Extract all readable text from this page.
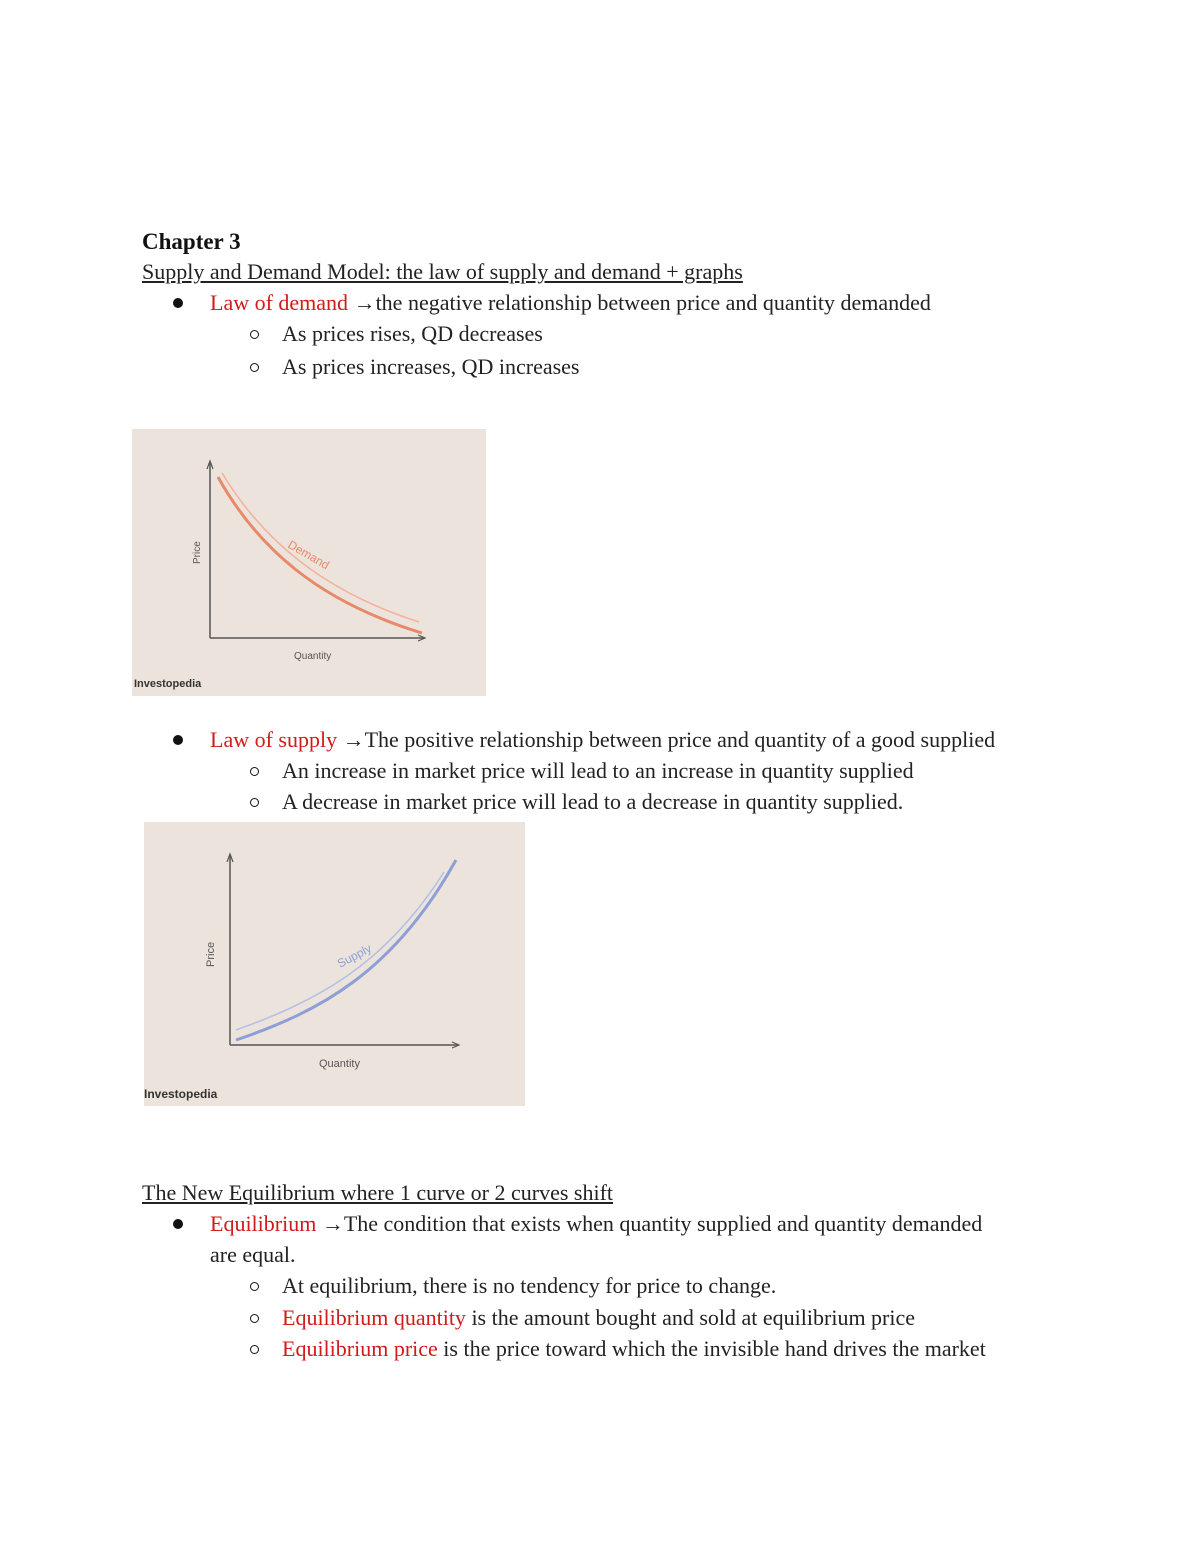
Chapter 3
Supply and Demand Model: the law of supply and demand + graphs
Law of demand →the negative relationship between price and quantity demanded
As prices rises, QD decreases
As prices increases, QD increases
Demand
Price
Quantity
Investopedia
Law of supply →The positive relationship between price and quantity of a good supplied
An increase in market price will lead to an increase in quantity supplied
A decrease in market price will lead to a decrease in quantity supplied.
Supply
Price
Quantity
Investopedia
The New Equilibrium where 1 curve or 2 curves shift
Equilibrium →The condition that exists when quantity supplied and quantity demanded
are equal.
At equilibrium, there is no tendency for price to change.
Equilibrium quantity is the amount bought and sold at equilibrium price
Equilibrium price is the price toward which the invisible hand drives the market
